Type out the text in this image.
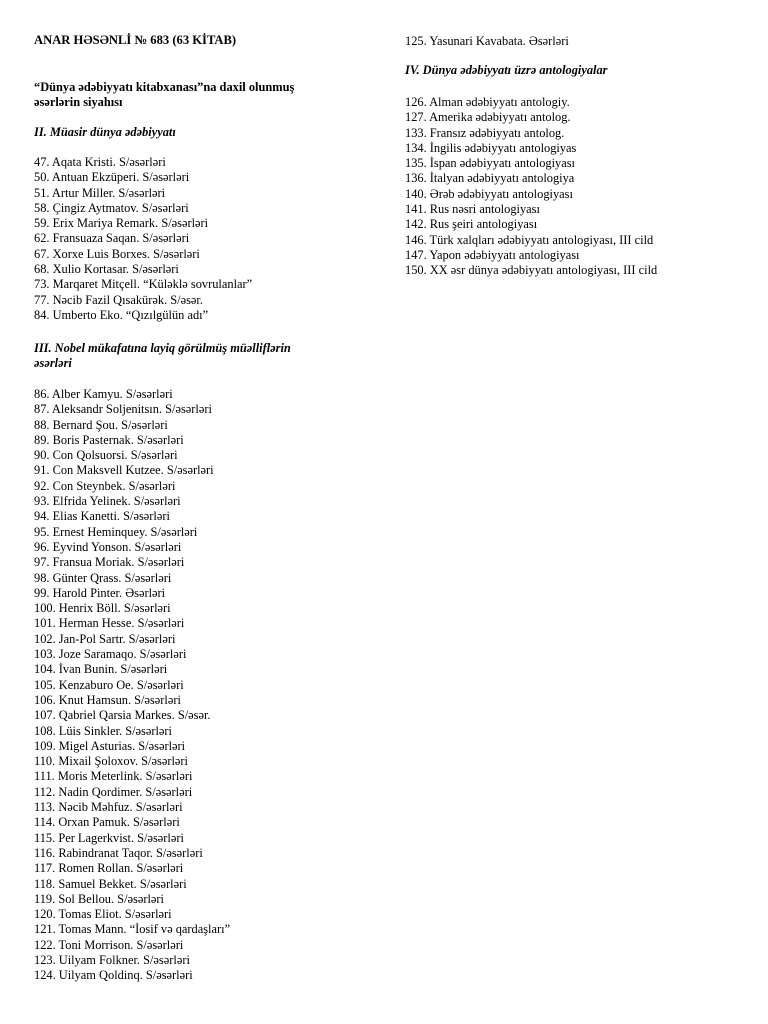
ANAR HƏSƏNLİ № 683 (63 KİTAB)
“Dünya ədəbiyyatı kitabxanası”na daxil olunmuş
əsərlərin siyahısı
II. Müasir dünya ədəbiyyatı
47. Aqata Kristi. S/əsərləri
50. Antuan Ekzüperi. S/əsərləri
51. Artur Miller. S/əsərləri
58. Çingiz Aytmatov. S/əsərləri
59. Erix Mariya Remark. S/əsərləri
62. Fransuaza Saqan. S/əsərləri
67. Xorxe Luis Borxes. S/əsərləri
68. Xulio Kortasar. S/əsərləri
73. Marqaret Mitçell. “Küləklə sovrulanlar”
77. Nəcib Fazil Qısakürək. S/əsər.
84. Umberto Eko. “Qızılgülün adı”
III. Nobel mükafatına layiq görülmüş müəlliflərin
əsərləri
86. Alber Kamyu. S/əsərləri
87. Aleksandr Soljenitsın. S/əsərləri
88. Bernard Şou. S/əsərləri
89. Boris Pasternak. S/əsərləri
90. Con Qolsuorsi. S/əsərləri
91. Con Maksvell Kutzee. S/əsərləri
92. Con Steynbek. S/əsərləri
93. Elfrida Yelinek. S/əsərləri
94. Elias Kanetti. S/əsərləri
95. Ernest Heminquey. S/əsərləri
96. Eyvind Yonson. S/əsərləri
97. Fransua Moriak. S/əsərləri
98. Günter Qrass. S/əsərləri
99. Harold Pinter. Əsərləri
100. Henrix Böll. S/əsərləri
101. Herman Hesse. S/əsərləri
102. Jan-Pol Sartr. S/əsərləri
103. Joze Saramaqo. S/əsərləri
104. İvan Bunin. S/əsərləri
105. Kenzaburo Oe. S/əsərləri
106. Knut Hamsun. S/əsərləri
107. Qabriel Qarsia Markes. S/əsər.
108. Lüis Sinkler. S/əsərləri
109. Migel Asturias. S/əsərləri
110. Mixail Şoloxov. S/əsərləri
111. Moris Meterlink. S/əsərləri
112. Nadin Qordimer. S/əsərləri
113. Nəcib Məhfuz. S/əsərləri
114. Orxan Pamuk. S/əsərləri
115. Per Lagerkvist. S/əsərləri
116. Rabindranat Taqor. S/əsərləri
117. Romen Rollan. S/əsərləri
118. Samuel Bekket. S/əsərləri
119. Sol Bellou. S/əsərləri
120. Tomas Eliot. S/əsərləri
121. Tomas Mann. “İosif və qardaşları”
122. Toni Morrison. S/əsərləri
123. Uilyam Folkner. S/əsərləri
124. Uilyam Qoldinq. S/əsərləri
125. Yasunari Kavabata. Əsərləri
IV. Dünya ədəbiyyatı üzrə antologiyalar
126. Alman ədəbiyyatı antologiy.
127. Amerika ədəbiyyatı antolog.
133. Fransız ədəbiyyatı antolog.
134. İngilis ədəbiyyatı antologiyas
135. İspan ədəbiyyatı antologiyası
136. İtalyan ədəbiyyatı antologiya
140. Ərəb ədəbiyyatı antologiyası
141. Rus nəsri antologiyası
142. Rus şeiri antologiyası
146. Türk xalqları ədəbiyyatı antologiyası, III cild
147. Yapon ədəbiyyatı antologiyası
150. XX əsr dünya ədəbiyyatı antologiyası, III cild
